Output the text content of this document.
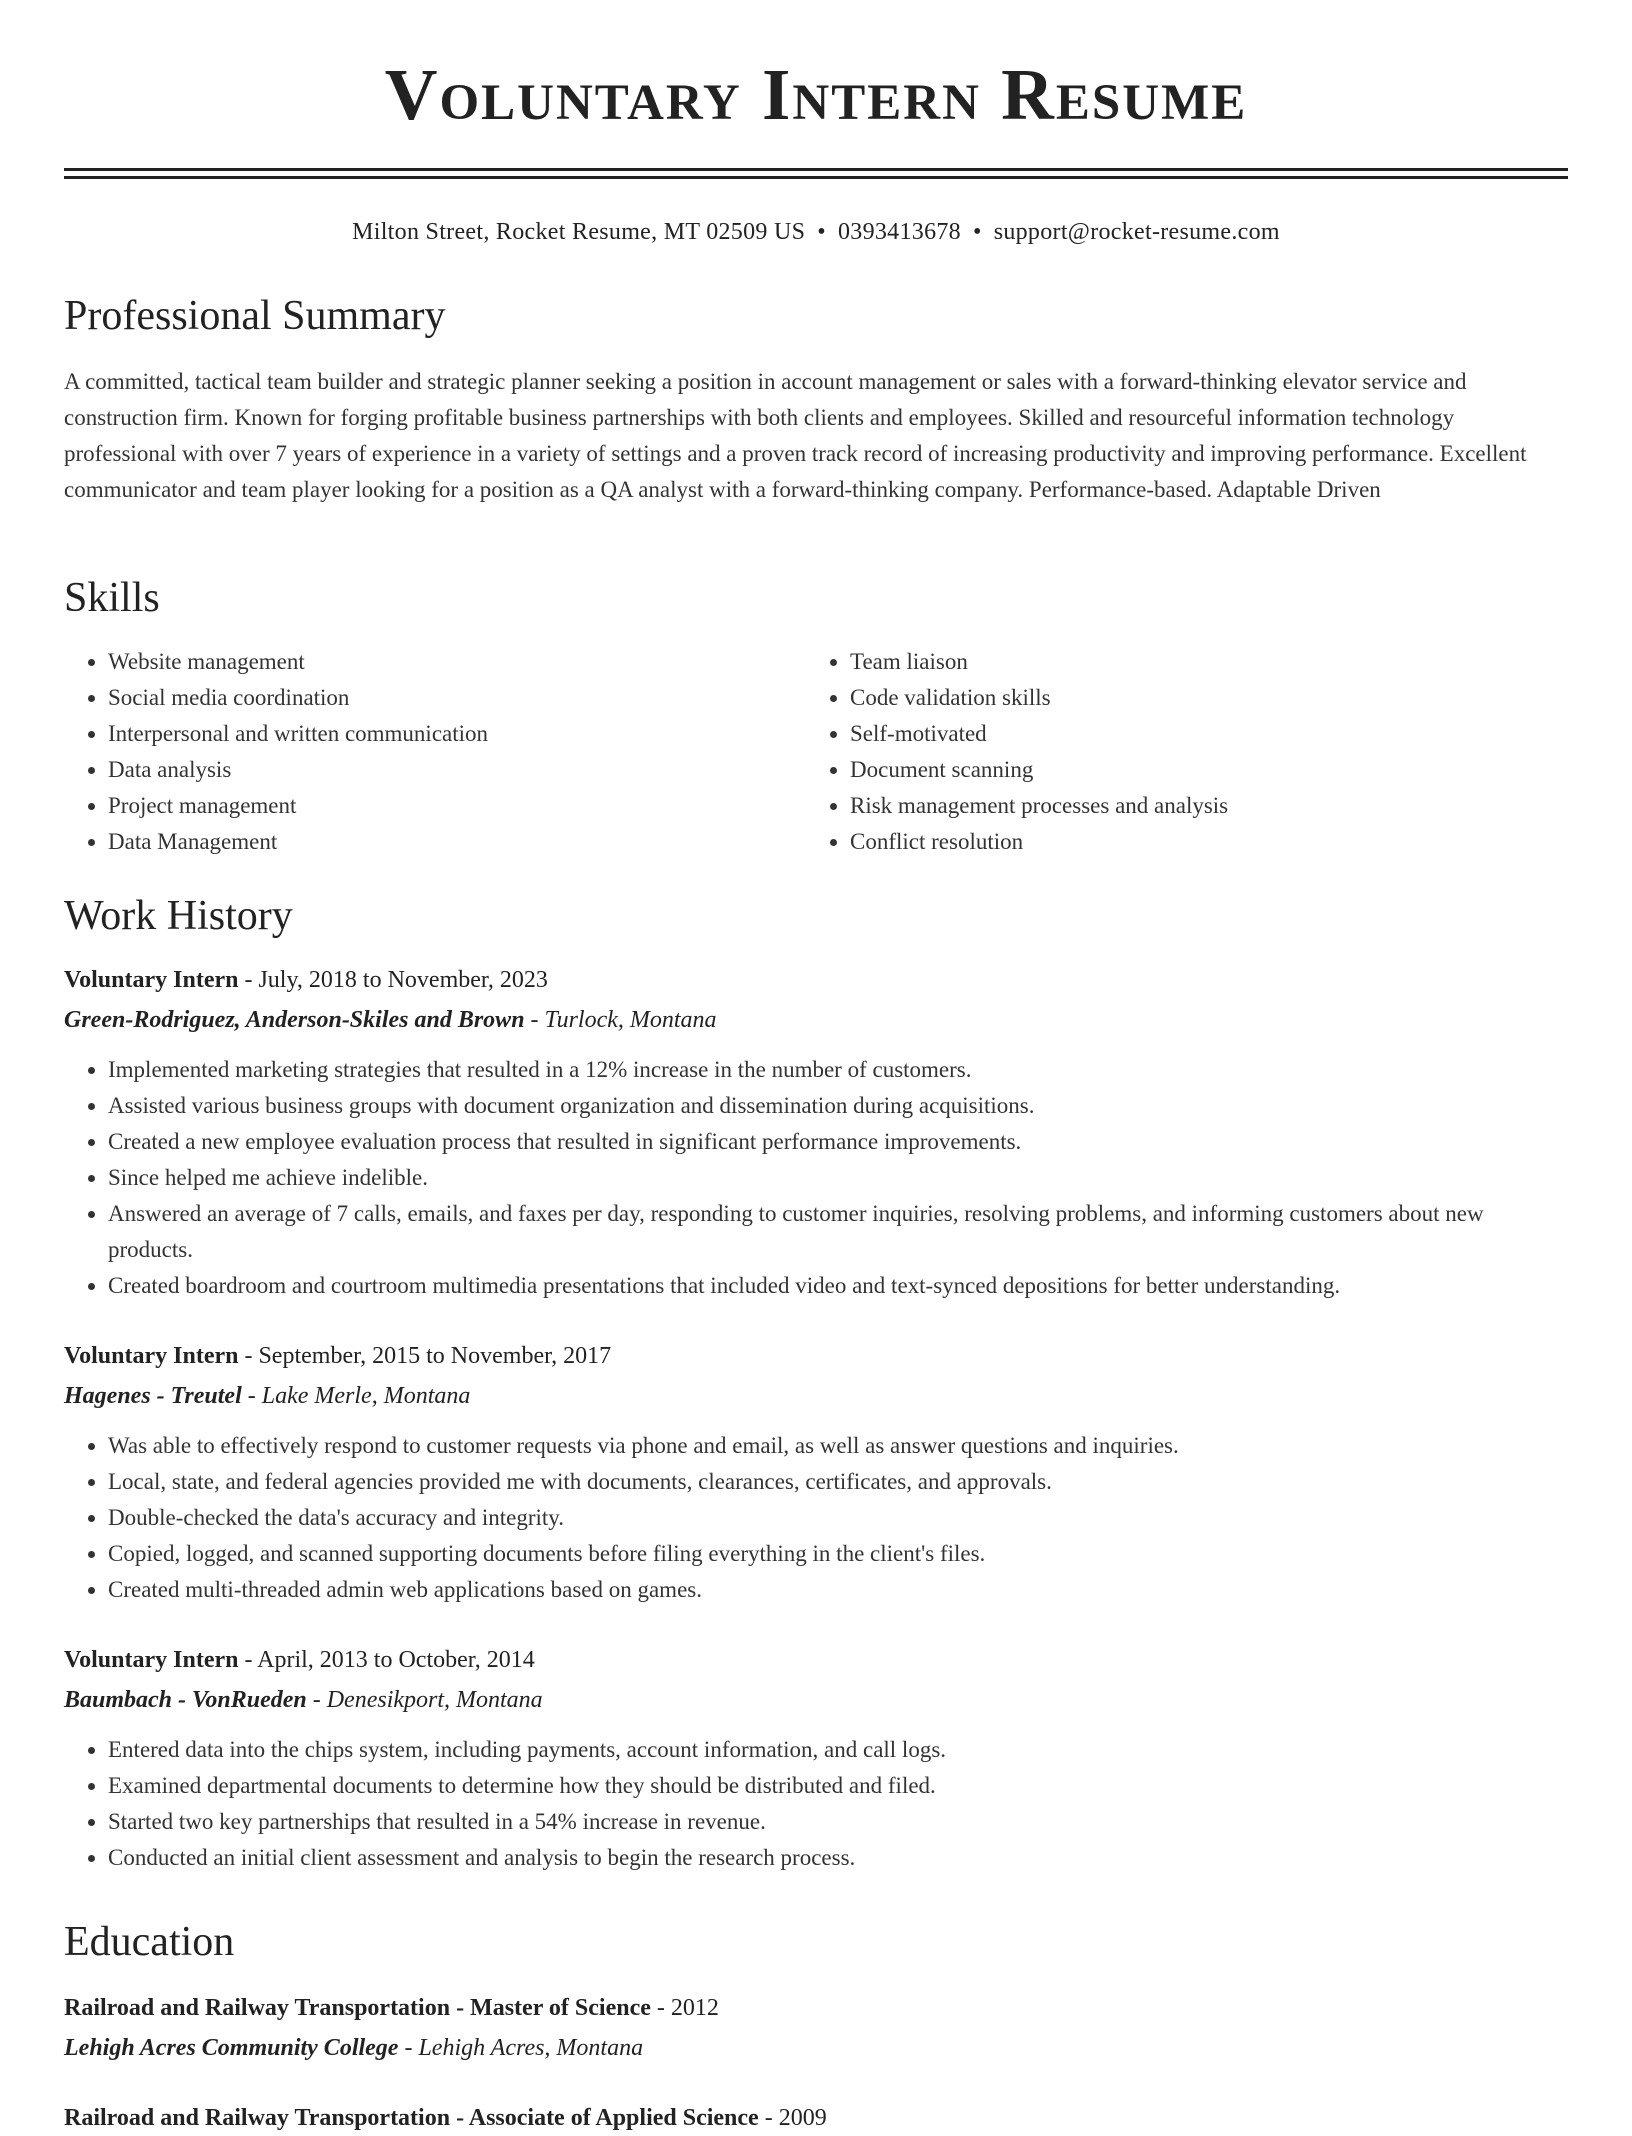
Voluntary Intern Resume
Milton Street, Rocket Resume, MT 02509 US • 0393413678 • support@rocket-resume.com
Professional Summary

A committed, tactical team builder and strategic planner seeking a position in account management or sales with a forward-thinking elevator service and construction firm. Known for forging profitable business partnerships with both clients and employees. Skilled and resourceful information technology professional with over 7 years of experience in a variety of settings and a proven track record of increasing productivity and improving performance. Excellent communicator and team player looking for a position as a QA analyst with a forward-thinking company. Performance-based. Adaptable Driven

Skills
• Website management
• Social media coordination
• Interpersonal and written communication
• Data analysis
• Project management
• Data Management
• Team liaison
• Code validation skills
• Self-motivated
• Document scanning
• Risk management processes and analysis
• Conflict resolution
Work History
Voluntary Intern - July, 2018 to November, 2023
Green-Rodriguez, Anderson-Skiles and Brown - Turlock, Montana
• Implemented marketing strategies that resulted in a 12% increase in the number of customers.
• Assisted various business groups with document organization and dissemination during acquisitions.
• Created a new employee evaluation process that resulted in significant performance improvements.
• Since helped me achieve indelible.
• Answered an average of 7 calls, emails, and faxes per day, responding to customer inquiries, resolving problems, and informing customers about new products.
• Created boardroom and courtroom multimedia presentations that included video and text-synced depositions for better understanding.
Voluntary Intern - September, 2015 to November, 2017
Hagenes - Treutel - Lake Merle, Montana
• Was able to effectively respond to customer requests via phone and email, as well as answer questions and inquiries.
• Local, state, and federal agencies provided me with documents, clearances, certificates, and approvals.
• Double-checked the data's accuracy and integrity.
• Copied, logged, and scanned supporting documents before filing everything in the client's files.
• Created multi-threaded admin web applications based on games.
Voluntary Intern - April, 2013 to October, 2014
Baumbach - VonRueden - Denesikport, Montana
• Entered data into the chips system, including payments, account information, and call logs.
• Examined departmental documents to determine how they should be distributed and filed.
• Started two key partnerships that resulted in a 54% increase in revenue.
• Conducted an initial client assessment and analysis to begin the research process.
Education
Railroad and Railway Transportation - Master of Science - 2012
Lehigh Acres Community College - Lehigh Acres, Montana
Railroad and Railway Transportation - Associate of Applied Science - 2009
